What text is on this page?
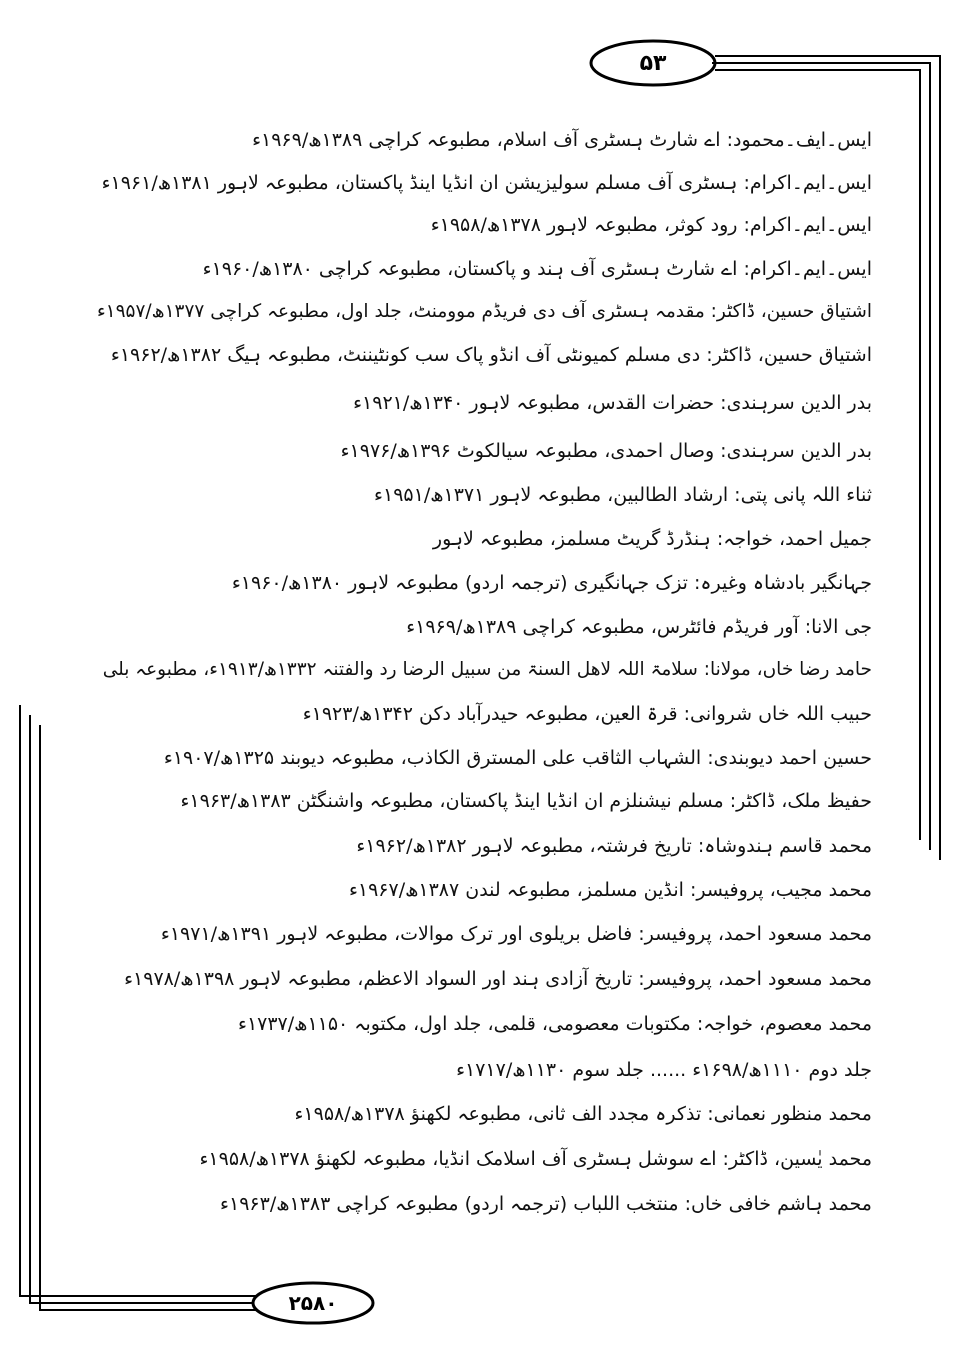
۵۳
۲۵۸۰
ایس۔ایف۔محمود: اے شارٹ ہسٹری آف اسلام، مطبوعہ کراچی ۱۳۸۹ھ/۱۹۶۹ء
ایس۔ایم۔اکرام: ہسٹری آف مسلم سولیزیشن ان انڈیا اینڈ پاکستان، مطبوعہ لاہور ۱۳۸۱ھ/۱۹۶۱ء
ایس۔ایم۔اکرام: رود کوثر، مطبوعہ لاہور ۱۳۷۸ھ/۱۹۵۸ء
ایس۔ایم۔اکرام: اے شارٹ ہسٹری آف ہند و پاکستان، مطبوعہ کراچی ۱۳۸۰ھ/۱۹۶۰ء
اشتیاق حسین، ڈاکٹر: مقدمہ ہسٹری آف دی فریڈم موومنٹ، جلد اول، مطبوعہ کراچی ۱۳۷۷ھ/۱۹۵۷ء
اشتیاق حسین، ڈاکٹر: دی مسلم کمیونٹی آف انڈو پاک سب کونٹیننٹ، مطبوعہ ہیگ ۱۳۸۲ھ/۱۹۶۲ء
بدر الدین سرہندی: حضرات القدس، مطبوعہ لاہور ۱۳۴۰ھ/۱۹۲۱ء
بدر الدین سرہندی: وصال احمدی، مطبوعہ سیالکوٹ ۱۳۹۶ھ/۱۹۷۶ء
ثناء اللہ پانی پتی: ارشاد الطالبین، مطبوعہ لاہور ۱۳۷۱ھ/۱۹۵۱ء
جمیل احمد، خواجہ: ہنڈرڈ گریٹ مسلمز، مطبوعہ لاہور
جہانگیر بادشاہ وغیرہ: تزک جہانگیری (ترجمہ اردو) مطبوعہ لاہور ۱۳۸۰ھ/۱۹۶۰ء
جی الانا: آور فریڈم فائٹرس، مطبوعہ کراچی ۱۳۸۹ھ/۱۹۶۹ء
حامد رضا خاں، مولانا: سلامۃ اللہ لاھل السنۃ من سبیل الرضا رد والفتنہ ۱۳۳۲ھ/۱۹۱۳ء، مطبوعہ بلی
حبیب اللہ خاں شروانی: قرۃ العین، مطبوعہ حیدرآباد دکن ۱۳۴۲ھ/۱۹۲۳ء
حسین احمد دیوبندی: الشہاب الثاقب علی المسترق الکاذب، مطبوعہ دیوبند ۱۳۲۵ھ/۱۹۰۷ء
حفیظ ملک، ڈاکٹر: مسلم نیشنلزم ان انڈیا اینڈ پاکستان، مطبوعہ واشنگٹن ۱۳۸۳ھ/۱۹۶۳ء
محمد قاسم ہندوشاہ: تاریخ فرشتہ، مطبوعہ لاہور ۱۳۸۲ھ/۱۹۶۲ء
محمد مجیب، پروفیسر: انڈین مسلمز، مطبوعہ لندن ۱۳۸۷ھ/۱۹۶۷ء
محمد مسعود احمد، پروفیسر: فاضل بریلوی اور ترک موالات، مطبوعہ لاہور ۱۳۹۱ھ/۱۹۷۱ء
محمد مسعود احمد، پروفیسر: تاریخ آزادی ہند اور السواد الاعظم، مطبوعہ لاہور ۱۳۹۸ھ/۱۹۷۸ء
محمد معصوم، خواجہ: مکتوبات معصومی، قلمی، جلد اول، مکتوبہ ۱۱۵۰ھ/۱۷۳۷ء
جلد دوم ۱۱۱۰ھ/۱۶۹۸ء ...... جلد سوم ۱۱۳۰ھ/۱۷۱۷ء
محمد منظور نعمانی: تذکرہ مجدد الف ثانی، مطبوعہ لکھنؤ ۱۳۷۸ھ/۱۹۵۸ء
محمد یٰسین، ڈاکٹر: اے سوشل ہسٹری آف اسلامک انڈیا، مطبوعہ لکھنؤ ۱۳۷۸ھ/۱۹۵۸ء
محمد ہاشم خافی خاں: منتخب اللباب (ترجمہ اردو) مطبوعہ کراچی ۱۳۸۳ھ/۱۹۶۳ء
